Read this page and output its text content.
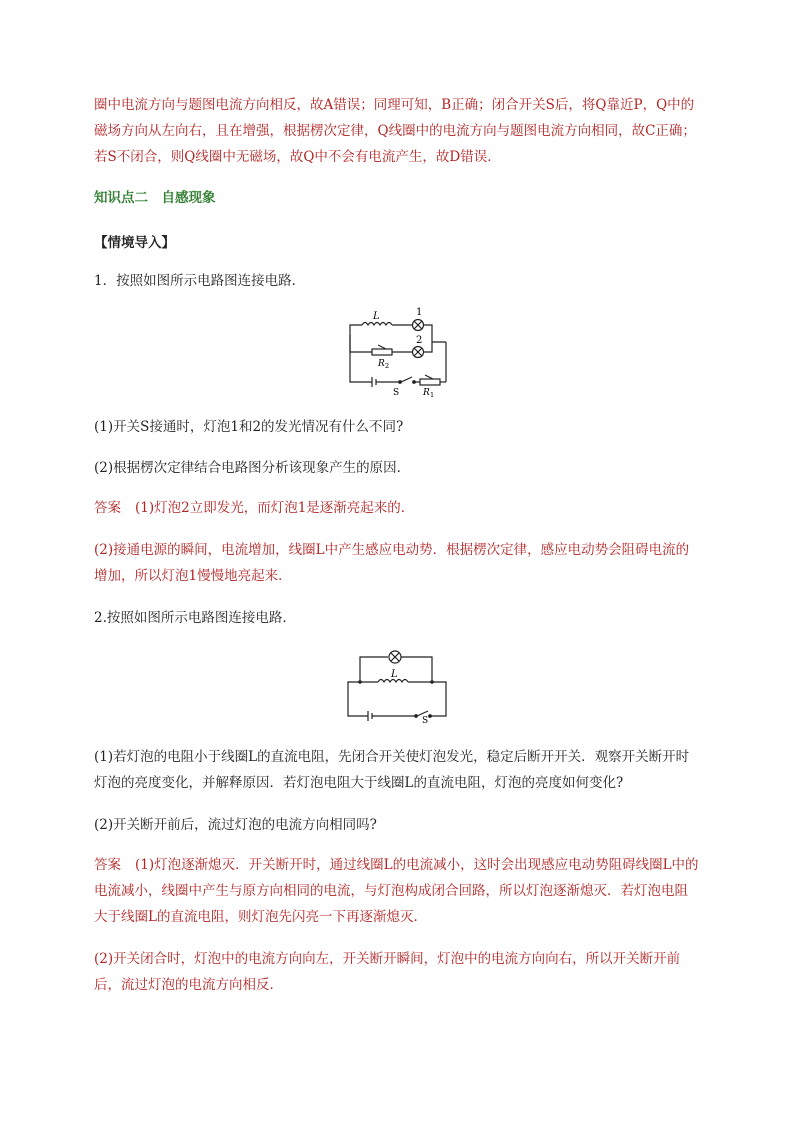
圈中电流方向与题图电流方向相反，故A错误；同理可知，B正确；闭合开关S后，将Q靠近P，Q中的磁场方向从左向右，且在增强，根据楞次定律，Q线圈中的电流方向与题图电流方向相同，故C正确；若S不闭合，则Q线圈中无磁场，故Q中不会有电流产生，故D错误．
知识点二　自感现象
【情境导入】
1．按照如图所示电路图连接电路．
L	1
2
R 2
R 1
S
(1)开关S接通时，灯泡1和2的发光情况有什么不同?
(2)根据楞次定律结合电路图分析该现象产生的原因．
答案 (1)灯泡2立即发光，而灯泡1是逐渐亮起来的．
(2)接通电源的瞬间，电流增加，线圈L中产生感应电动势．根据楞次定律，感应电动势会阻碍电流的增加，所以灯泡1慢慢地亮起来．
2.按照如图所示电路图连接电路．
L
S
(1)若灯泡的电阻小于线圈L的直流电阻，先闭合开关使灯泡发光，稳定后断开开关．观察开关断开时灯泡的亮度变化，并解释原因．若灯泡电阻大于线圈L的直流电阻，灯泡的亮度如何变化?
(2)开关断开前后，流过灯泡的电流方向相同吗?
答案 (1)灯泡逐渐熄灭．开关断开时，通过线圈L的电流减小，这时会出现感应电动势阻碍线圈L中的电流减小，线圈中产生与原方向相同的电流，与灯泡构成闭合回路，所以灯泡逐渐熄灭．若灯泡电阻大于线圈L的直流电阻，则灯泡先闪亮一下再逐渐熄灭．
(2)开关闭合时，灯泡中的电流方向向左，开关断开瞬间，灯泡中的电流方向向右，所以开关断开前后，流过灯泡的电流方向相反．
